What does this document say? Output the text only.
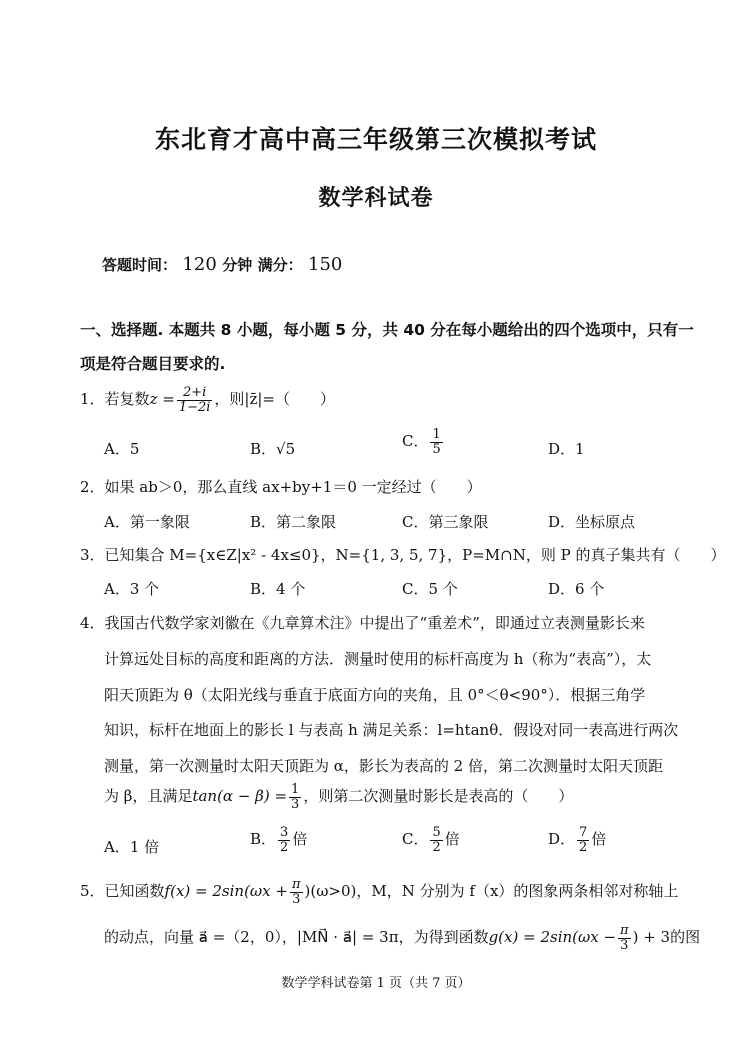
东北育才高中高三年级第三次模拟考试
数学科试卷
答题时间： 120 分钟 满分： 150
一、选择题. 本题共 8 小题，每小题 5 分，共 40 分在每小题给出的四个选项中，只有一
项是符合题目要求的.
1．若复数$z = \frac{2+i}{1-2i}$ ，则|z̄|=（　　）
A．5	B．√5	C． $\frac{1}{5}$	D．1
2．如果 ab＞0，那么直线 ax+by+1＝0 一定经过（　　）
A．第一象限	B．第二象限	C．第三象限	D．坐标原点
3．已知集合 M={x∈Z|x² - 4x≤0}，N={1, 3, 5, 7}，P=M∩N，则 P 的真子集共有（　　）
A．3 个	B．4 个	C．5 个	D．6 个
4．我国古代数学家刘徽在《九章算术注》中提出了“重差术”，即通过立表测量影长来
计算远处目标的高度和距离的方法．测量时使用的标杆高度为 h（称为“表高”），太
阳天顶距为 θ（太阳光线与垂直于底面方向的夹角，且 0°＜θ<90°）．根据三角学
知识，标杆在地面上的影长 l 与表高 h 满足关系：l=htanθ．假设对同一表高进行两次
测量，第一次测量时太阳天顶距为 α，影长为表高的 2 倍，第二次测量时太阳天顶距
为 β，且满足$\tan(\alpha - \beta) = \frac{1}{3}$ ，则第二次测量时影长是表高的（　　）
A．1 倍	B． $\frac{3}{2}$ 倍	C． $\frac{5}{2}$ 倍	D． $\frac{7}{2}$ 倍
5．已知函数$f(x) = 2\sin(\omega x + \frac{\pi}{3} )(\omega>0)$，M，N 分别为 f（x）的图象两条相邻对称轴上
的动点，向量 a⃗ =（2，0），|MN⃗ · a⃗| = 3π，为得到函数$g(x) = 2\sin(\omega x - \frac{\pi}{3}$ ) + 3的图
数学学科试卷第 1 页（共 7 页）
